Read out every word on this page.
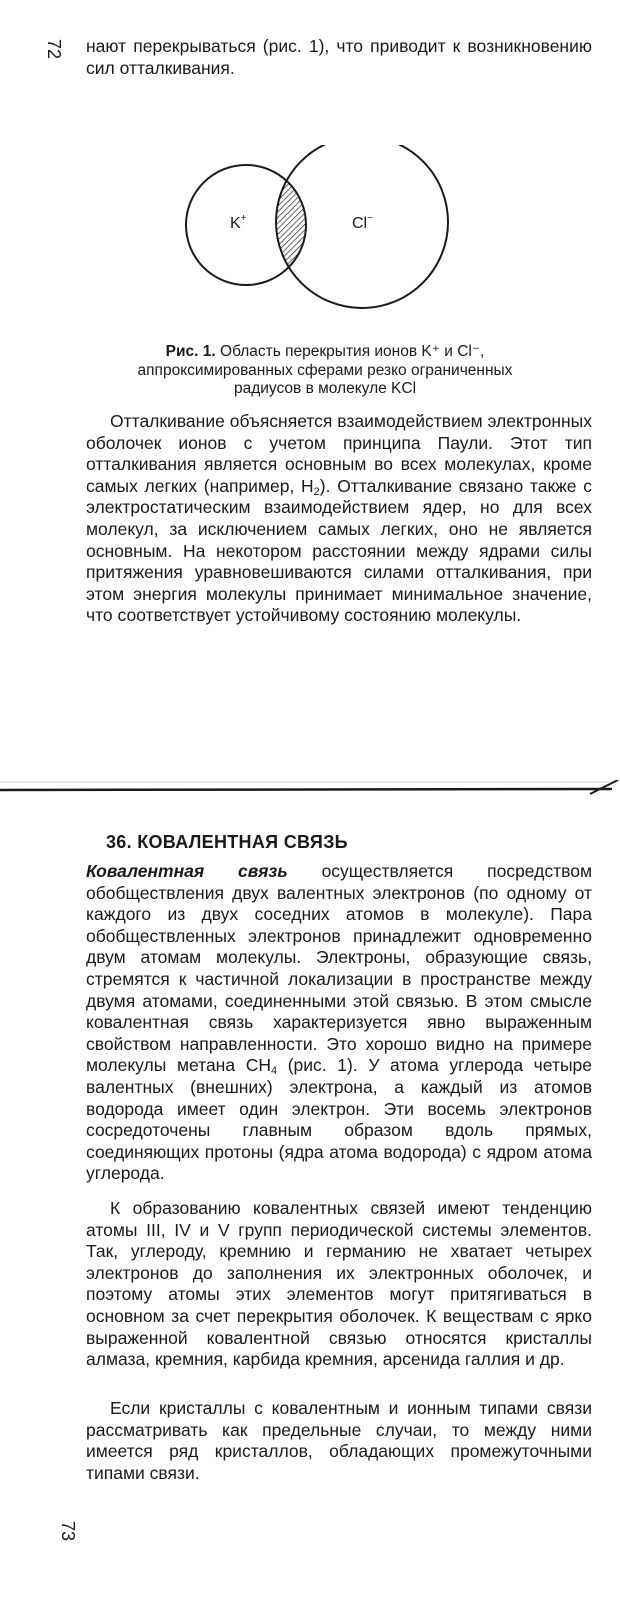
72 нают перекрываться (рис. 1), что приводит к возникновению сил отталкивания.
K+	Cl−
Рис. 1. Область перекрытия ионов K⁺ и Cl⁻, аппроксимированных сферами резко ограниченных радиусов в молекуле KCl
Отталкивание объясняется взаимодействием электронных оболочек ионов с учетом принципа Паули. Этот тип отталкивания является основным во всех молекулах, кроме самых легких (например, $H_2$). Отталкивание связано также с электростатическим взаимодействием ядер, но для всех молекул, за исключением самых легких, оно не является основным. На некотором расстоянии между ядрами силы притяжения уравновешиваются силами отталкивания, при этом энергия молекулы принимает минимальное значение, что соответствует устойчивому состоянию молекулы.
36. КОВАЛЕНТНАЯ СВЯЗЬ
Ковалентная связь осуществляется посредством обобществления двух валентных электронов (по одному от каждого из двух соседних атомов в молекуле). Пара обобществленных электронов принадлежит одновременно двум атомам молекулы. Электроны, образующие связь, стремятся к частичной локализации в пространстве между двумя атомами, соединенными этой связью. В этом смысле ковалентная связь характеризуется явно выраженным свойством направленности. Это хорошо видно на примере молекулы метана $CH_4$ (рис. 1). У атома углерода четыре валентных (внешних) электрона, а каждый из атомов водорода имеет один электрон. Эти восемь электронов сосредоточены главным образом вдоль прямых, соединяющих протоны (ядра атома водорода) с ядром атома углерода.
К образованию ковалентных связей имеют тенденцию атомы III, IV и V групп периодической системы элементов. Так, углероду, кремнию и германию не хватает четырех электронов до заполнения их электронных оболочек, и поэтому атомы этих элементов могут притягиваться в основном за счет перекрытия оболочек. К веществам с ярко выраженной ковалентной связью относятся кристаллы алмаза, кремния, карбида кремния, арсенида галлия и др.
Если кристаллы с ковалентным и ионным типами связи рассматривать как предельные случаи, то между ними имеется ряд кристаллов, обладающих промежуточными типами связи.
73
